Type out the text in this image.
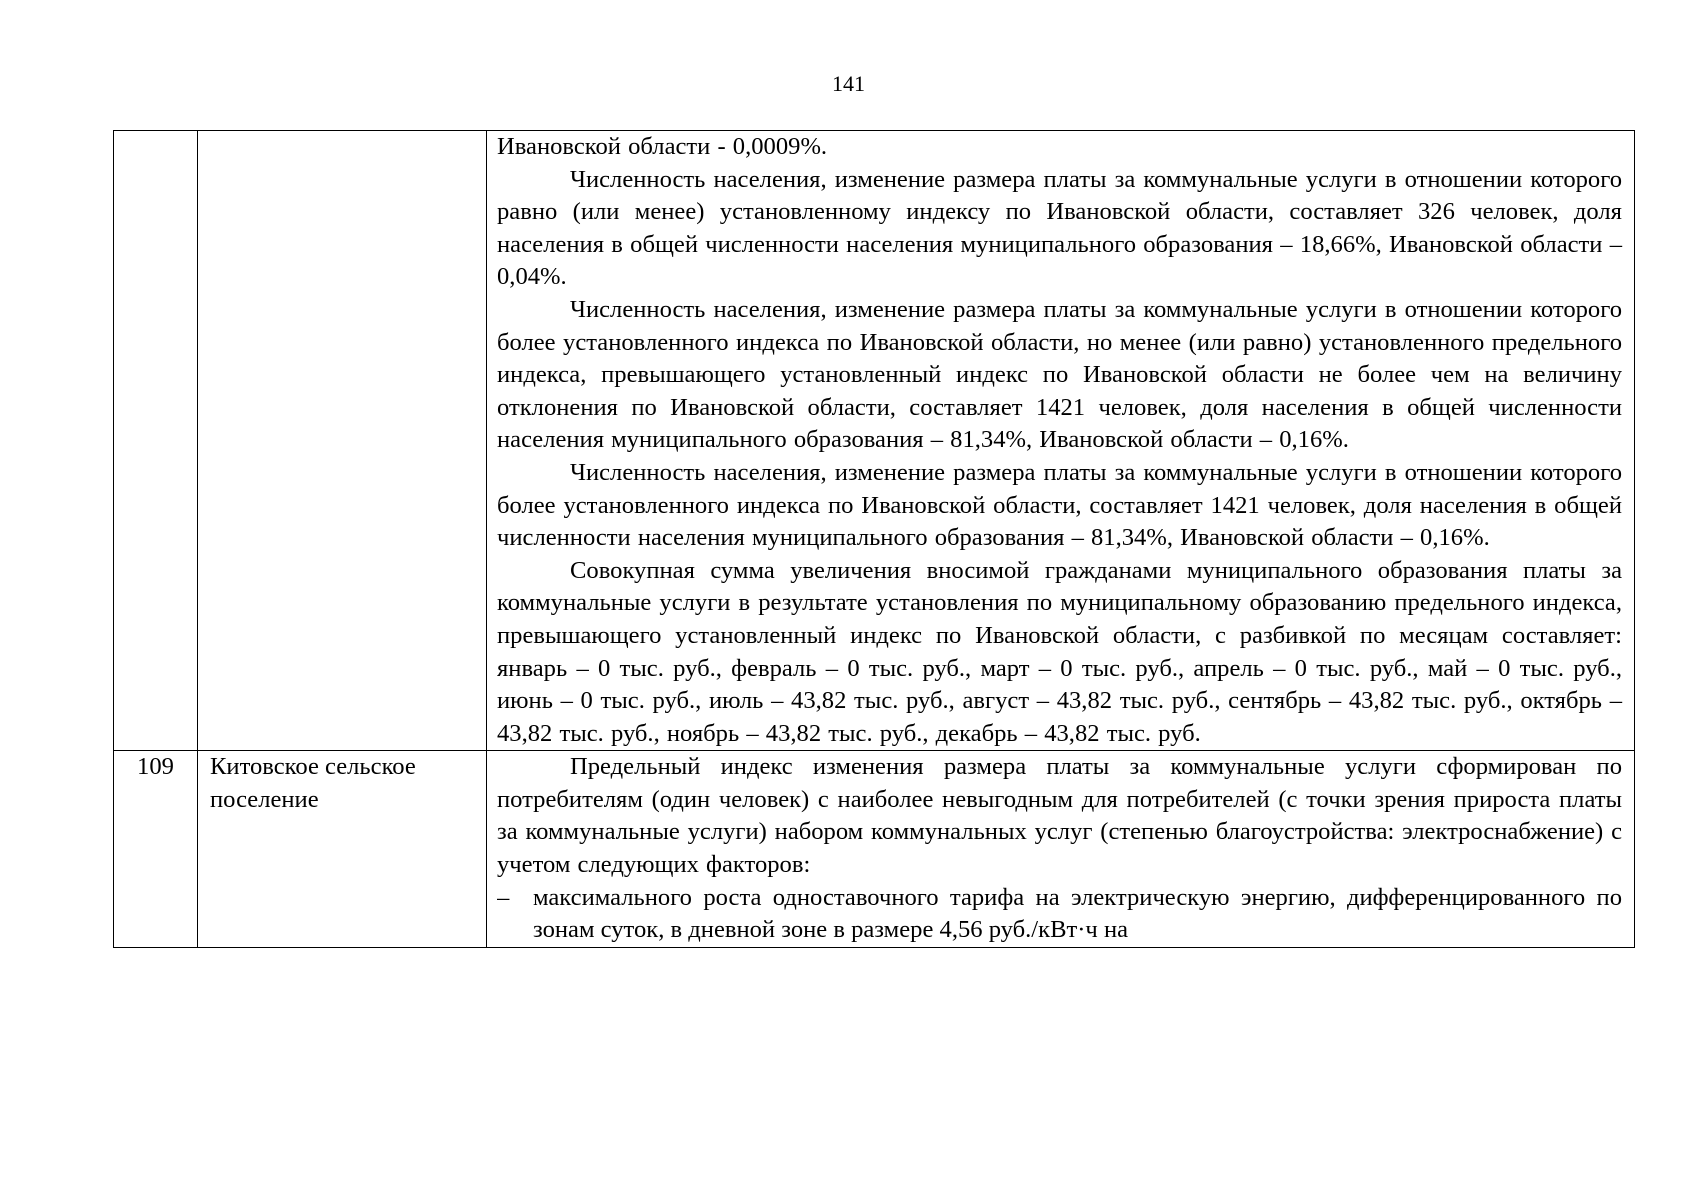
141

		Ивановской области - 0,0009%.

Численность населения, изменение размера платы за коммунальные услуги в отношении которого равно (или менее) установленному индексу по Ивановской области, составляет 326 человек, доля населения в общей численности населения муниципального образования – 18,66%, Ивановской области – 0,04%.

Численность населения, изменение размера платы за коммунальные услуги в отношении которого более установленного индекса по Ивановской области, но менее (или равно) установленного предельного индекса, превышающего установленный индекс по Ивановской области не более чем на величину отклонения по Ивановской области, составляет 1421 человек, доля населения в общей численности населения муниципального образования – 81,34%, Ивановской области – 0,16%.

Численность населения, изменение размера платы за коммунальные услуги в отношении которого более установленного индекса по Ивановской области, составляет 1421 человек, доля населения в общей численности населения муниципального образования – 81,34%, Ивановской области – 0,16%.

Совокупная сумма увеличения вносимой гражданами муниципального образования платы за коммунальные услуги в результате установления по муниципальному образованию предельного индекса, превышающего установленный индекс по Ивановской области, с разбивкой по месяцам составляет: январь – 0 тыс. руб., февраль – 0 тыс. руб., март – 0 тыс. руб., апрель – 0 тыс. руб., май – 0 тыс. руб., июнь – 0 тыс. руб., июль – 43,82 тыс. руб., август – 43,82 тыс. руб., сентябрь – 43,82 тыс. руб., октябрь – 43,82 тыс. руб., ноябрь – 43,82 тыс. руб., декабрь – 43,82 тыс. руб.

109	Китовское сельское поселение	Предельный индекс изменения размера платы за коммунальные услуги сформирован по потребителям (один человек) с наиболее невыгодным для потребителей (с точки зрения прироста платы за коммунальные услуги) набором коммунальных услуг (степенью благоустройства: электроснабжение) с учетом следующих факторов:

– максимального роста одноставочного тарифа на электрическую энергию, дифференцированного по зонам суток, в дневной зоне в размере 4,56 руб./кВт·ч на
